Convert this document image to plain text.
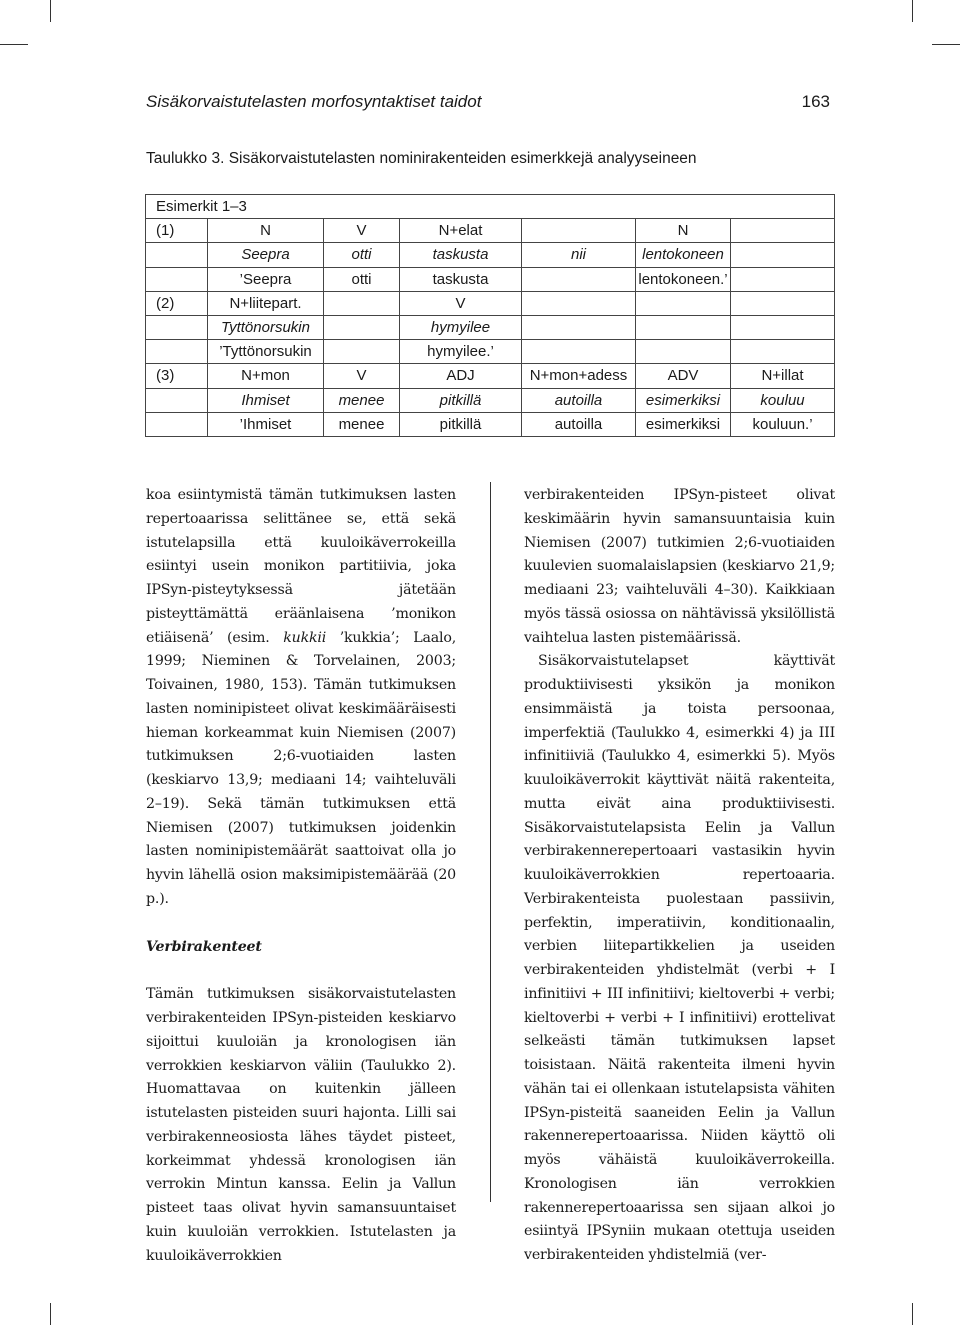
Sisäkorvaistutelasten morfosyntaktiset taidot	163
Taulukko 3. Sisäkorvaistutelasten nominirakenteiden esimerkkejä analyyseineen
Esimerkit 1–3						
(1)	N	V	N+elat		N	
	Seepra	otti	taskusta	nii	lentokoneen	
	’Seepra	otti	taskusta		lentokoneen.’	
(2)	N+liitepart.		V			
	Tyttönorsukin		hymyilee			
	’Tyttönorsukin		hymyilee.’			
(3)	N+mon	V	ADJ	N+mon+adess	ADV	N+illat
	Ihmiset	menee	pitkillä	autoilla	esimerkiksi	kouluu
	’Ihmiset	menee	pitkillä	autoilla	esimerkiksi	kouluun.’

koa esiintymistä tämän tutkimuksen lasten repertoaarissa selittänee se, että sekä istutelapsilla että kuuloikäverrokeilla esiintyi usein monikon partitiivia, joka IPSyn-pisteytyksessä jätetään pisteyttämättä eräänlaisena ’monikon etiäisenä’ (esim. kukkii ’kukkia’; Laalo, 1999; Nieminen & Torvelainen, 2003; Toivainen, 1980, 153). Tämän tutkimuksen lasten nominipisteet olivat keskimääräisesti hieman korkeammat kuin Niemisen (2007) tutkimuksen 2;6-vuotiaiden lasten (keskiarvo 13,9; mediaani 14; vaihteluväli 2–19). Sekä tämän tutkimuksen että Niemisen (2007) tutkimuksen joidenkin lasten nominipistemäärät saattoivat olla jo hyvin lähellä osion maksimipistemäärää (20 p.).

Verbirakenteet

Tämän tutkimuksen sisäkorvaistutelasten verbirakenteiden IPSyn-pisteiden keskiarvo sijoittui kuuloiän ja kronologisen iän verrokkien keskiarvon väliin (Taulukko 2). Huomattavaa on kuitenkin jälleen istutelasten pisteiden suuri hajonta. Lilli sai verbirakenneosiosta lähes täydet pisteet, korkeimmat yhdessä kronologisen iän verrokin Mintun kanssa. Eelin ja Vallun pisteet taas olivat hyvin samansuuntaiset kuin kuuloiän verrokkien. Istutelasten ja kuuloikäverrokkien

verbirakenteiden IPSyn-pisteet olivat keskimäärin hyvin samansuuntaisia kuin Niemisen (2007) tutkimien 2;6-vuotiaiden kuulevien suomalaislapsien (keskiarvo 21,9; mediaani 23; vaihteluväli 4–30). Kaikkiaan myös tässä osiossa on nähtävissä yksilöllistä vaihtelua lasten pistemäärissä.

Sisäkorvaistutelapset käyttivät produktiivisesti yksikön ja monikon ensimmäistä ja toista persoonaa, imperfektiä (Taulukko 4, esimerkki 4) ja III infinitiiviä (Taulukko 4, esimerkki 5). Myös kuuloikäverrokit käyttivät näitä rakenteita, mutta eivät aina produktiivisesti. Sisäkorvaistutelapsista Eelin ja Vallun verbirakennerepertoaari vastasikin hyvin kuuloikäverrokkien repertoaaria. Verbirakenteista puolestaan passiivin, perfektin, imperatiivin, konditionaalin, verbien liitepartikkelien ja useiden verbirakenteiden yhdistelmät (verbi + I infinitiivi + III infinitiivi; kieltoverbi + verbi; kieltoverbi + verbi + I infinitiivi) erottelivat selkeästi tämän tutkimuksen lapset toisistaan. Näitä rakenteita ilmeni hyvin vähän tai ei ollenkaan istutelapsista vähiten IPSyn-pisteitä saaneiden Eelin ja Vallun rakennerepertoaarissa. Niiden käyttö oli myös vähäistä kuuloikäverrokeilla. Kronologisen iän verrokkien rakennerepertoaarissa sen sijaan alkoi jo esiintyä IPSyniin mukaan otettuja useiden verbirakenteiden yhdistelmiä (ver-
